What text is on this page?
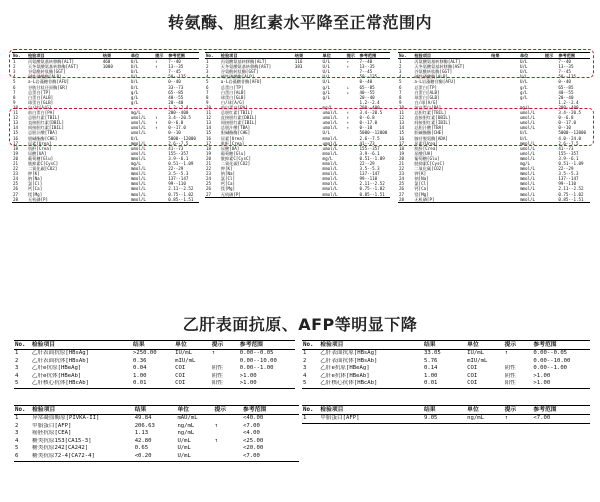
转氨酶、胆红素水平降至正常范围内
No.	检验项目	结果	单位	提示	参考范围
1	丙氨酸氨基转移酶[ALT]	460	U/L	↑	7--40
2	天冬氨酸氨基转移酶[AST]	1080	U/L	↑	13--35
3	谷氨酰转肽酶[GGT]		U/L		7--45
4	碱性磷酸酶[ALP]		U/L		50--135
5	a-L岩藻糖苷酶[AFU]		U/L		0--40
6	谷胱甘肽还原酶[GR]		U/L		33--73
7	总蛋白[TP]		g/L		65--85
8	白蛋白[ALB]		g/L		40--55
9	球蛋白[GLB]		g/L		20--40
10	白/球[A/G]				1.2--2.4
11	前白蛋白[PA]		mg/L		200--400
12	总胆红素[TBIL]		umol/L	↑	3.4--20.5
13	直接胆红素[DBIL]		umol/L	↑	0--6.8
14	间接胆红素[IBIL]		umol/L	↑	0--17.0
15	总胆汁酸[TBA]		umol/L		0--10
16	胆碱酯酶[CHE]		U/L		5000--12000
17	尿素[Urea]		mmol/L		2.6--7.5
18	肌酐[Crea]		umol/L		41--73
19	尿酸[UA]		umol/L		155--357
20	葡萄糖[Glu]		mmol/L		3.9--6.1
21	胱抑素C[CysC]		mg/L		0.51--1.09
22	二氧化碳[CO2]		mmol/L		22--29
23	钾[K]		mmol/L		3.5--5.3
24	钠[Na]		mmol/L		137--147
25	氯[Cl]		mmol/L		99--110
26	钙[Ca]		mmol/L		2.11--2.52
27	镁[Mg]		mmol/L		0.75--1.02
28	无机磷[P]		mmol/L		0.85--1.51
No.	检验项目	结果	单位	提示	参考范围
1	丙氨酸氨基转移酶[ALT]	116	U/L	↑	7--40
2	天冬氨酸氨基转移酶[AST]	383	U/L	↑	13--35
3	谷氨酰转肽酶[GGT]		U/L		7--45
4	碱性磷酸酶[ALP]		U/L		50--135
5	a-L岩藻糖苷酶[AFU]		U/L		0--40
6	总蛋白[TP]		g/L	↓	65--85
7	白蛋白[ALB]		g/L	↓	40--55
8	球蛋白[GLB]		g/L		20--40
9	白/球[A/G]				1.2--2.4
10	前白蛋白[PA]		mg/L		200--400
11	总胆红素[TBIL]		umol/L	↑	3.4--20.5
12	直接胆红素[DBIL]		umol/L	↑	0--6.8
13	间接胆红素[IBIL]		umol/L	↑	0--17.0
14	总胆汁酸[TBA]		umol/L	↑	0--10
15	胆碱酯酶[CHE]		U/L		5000--12000
16	尿素[Urea]		mmol/L		2.6--7.5
17	肌酐[Crea]		umol/L		41--73
18	尿酸[UA]		umol/L		155--357
19	葡萄糖[Glu]		mmol/L		3.9--6.1
20	胱抑素C[CysC]		mg/L		0.51--1.09
21	二氧化碳[CO2]		mmol/L		22--29
22	钾[K]		mmol/L		3.5--5.3
23	钠[Na]		mmol/L		137--147
24	氯[Cl]		mmol/L		99--110
25	钙[Ca]		mmol/L		2.11--2.52
26	镁[Mg]		mmol/L		0.75--1.02
27	无机磷[P]		mmol/L		0.85--1.51
No.	检验项目	结果	单位	提示	参考范围
1	丙氨酸氨基转移酶[ALT]		U/L		7--40
2	天冬氨酸氨基转移酶[AST]		U/L		13--35
3	谷氨酰转肽酶[GGT]		U/L		7--45
4	碱性磷酸酶[ALP]		U/L		50--135
5	a-L岩藻糖苷酶[AFU]		U/L		0--40
6	总蛋白[TP]		g/L		65--85
7	白蛋白[ALB]		g/L		40--55
8	球蛋白[GLB]		g/L		20--40
9	白/球[A/G]				1.2--2.4
10	前白蛋白[PA]		mg/L		200--400
11	总胆红素[TBIL]		umol/L		3.4--20.5
12	直接胆红素[DBIL]		umol/L		0--6.8
13	间接胆红素[IBIL]		umol/L		0--17.0
14	总胆汁酸[TBA]		umol/L		0--10
15	胆碱酯酶[CHE]		U/L		5000--12000
16	腺苷脱氨酶[ADA]		U/L		4.0--24.0
17	尿素[Urea]		mmol/L		2.6--7.5
18	肌酐[Crea]		umol/L		41--73
19	尿酸[UA]		umol/L		155--357
20	葡萄糖[Glu]		mmol/L		3.9--6.1
21	胱抑素C[CysC]		mg/L		0.51--1.09
22	二氧化碳[CO2]		mmol/L		22--29
23	钾[K]		mmol/L		3.5--5.3
24	钠[Na]		mmol/L		137--147
25	氯[Cl]		mmol/L		99--110
26	钙[Ca]		mmol/L		2.11--2.52
27	镁[Mg]		mmol/L		0.75--1.02
28	无机磷[P]		mmol/L		0.85--1.51
乙肝表面抗原、AFP等明显下降
No.	检验项目	结果	单位	提示	参考范围
1	乙肝表面抗原[HBsAg]	>250.00	IU/mL	↑	0.00--0.05
2	乙肝表面抗体[HBsAb]	0.36	mIU/mL		0.00--10.00
3	乙肝e抗原[HBeAg]	0.04	COI	阴性	0.00--1.00
4	乙肝e抗体[HBeAb]	1.00	COI	阴性	>1.00
5	乙肝核心抗体[HBcAb]	0.01	COI	阳性	>1.00
No.	检验项目	结果	单位	提示	参考范围
1	乙肝表面抗原[HBsAg]	33.05	IU/mL	↑	0.00--0.05
2	乙肝表面抗体[HBsAb]	5.76	mIU/mL		0.00--10.00
3	乙肝e抗原[HBeAg]	0.14	COI	阴性	0.00--1.00
4	乙肝e抗体[HBeAb]	1.00	COI	阴性	>1.00
5	乙肝核心抗体[HBcAb]	0.01	COI	阳性	>1.00
No.	检验项目	结果	单位	提示	参考范围
1	异常凝血酶原[PIVKA-II]	49.84	mAU/mL		<40.00
2	甲胎蛋白[AFP]	206.63	ng/mL	↑	<7.00
3	癌胚抗原[CEA]	1.13	ng/mL		<4.00
4	糖类抗原153[CA15-3]	42.80	U/mL	↑	<25.00
5	糖类抗原242[CA242]	0.65	U/mL		<20.00
6	糖类抗原72-4[CA72-4]	<0.20	U/mL		<7.00
No.	检验项目	结果	单位	提示	参考范围
1	甲胎蛋白[AFP]	9.05	ng/mL	↑	<7.00
